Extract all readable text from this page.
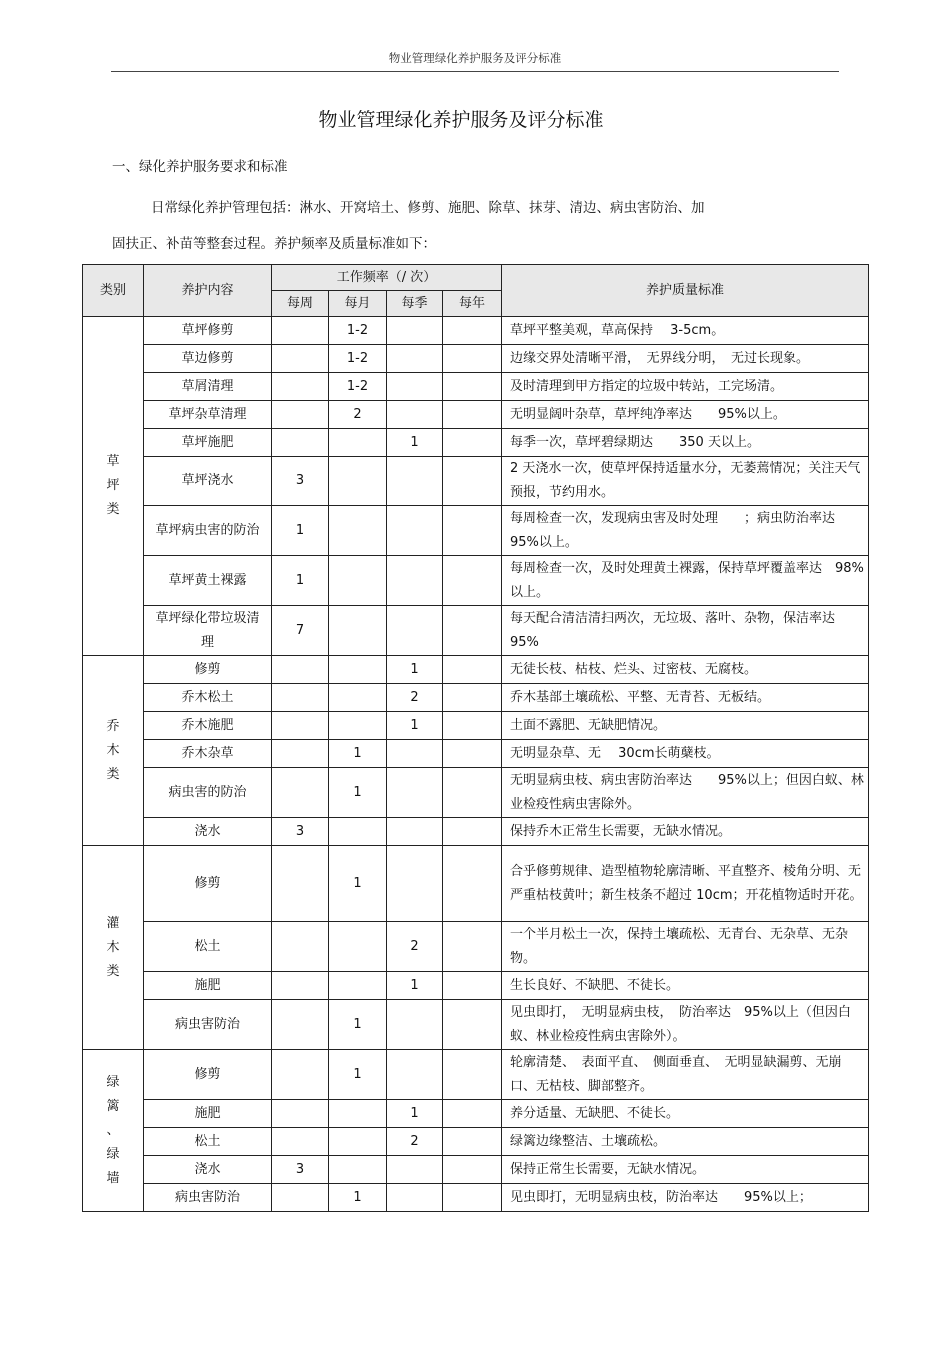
物业管理绿化养护服务及评分标准
物业管理绿化养护服务及评分标准
一、绿化养护服务要求和标准
日常绿化养护管理包括：淋水、开窝培土、修剪、施肥、除草、抹芽、清边、病虫害防治、加
固扶正、补苗等整套过程。养护频率及质量标准如下：
类别	养护内容	工作频率（/ 次）				养护质量标准
		每周	每月	每季	每年	
草
坪
类	草坪修剪		1-2			草坪平整美观，草高保持　 3-5cm。
	草边修剪		1-2			边缘交界处清晰平滑，　无界线分明，　无过长现象。
	草屑清理		1-2			及时清理到甲方指定的垃圾中转站，工完场清。
	草坪杂草清理		2			无明显阔叶杂草，草坪纯净率达　　95%以上。
	草坪施肥			1		每季一次，草坪碧绿期达　　350 天以上。
	草坪浇水	3				2 天浇水一次，使草坪保持适量水分，无萎蔫情况；关注天气预报，节约用水。
	草坪病虫害的防治	1				每周检查一次，发现病虫害及时处理　　；病虫防治率达　95%以上。
	草坪黄土裸露	1				每周检查一次，及时处理黄土裸露，保持草坪覆盖率达　98%以上。
	草坪绿化带垃圾清理	7				每天配合清洁清扫两次，无垃圾、落叶、杂物，保洁率达　95%
乔
木
类	修剪			1		无徒长枝、枯枝、烂头、过密枝、无腐枝。
	乔木松土			2		乔木基部土壤疏松、平整、无青苔、无板结。
	乔木施肥			1		土面不露肥、无缺肥情况。
	乔木杂草		1			无明显杂草、无　 30cm长萌蘖枝。
	病虫害的防治		1			无明显病虫枝、病虫害防治率达　　95%以上；但因白蚁、林业检疫性病虫害除外。
	浇水	3				保持乔木正常生长需要，无缺水情况。
灌
木
类	修剪		1			合乎修剪规律、造型植物轮廓清晰、平直整齐、棱角分明、无严重枯枝黄叶；新生枝条不超过 10cm；开花植物适时开花。
	松土			2		一个半月松土一次，保持土壤疏松、无青台、无杂草、无杂物。
	施肥			1		生长良好、不缺肥、不徒长。
	病虫害防治		1			见虫即打，　无明显病虫枝，　防治率达　95%以上（但因白蚁、林业检疫性病虫害除外）。
绿
篱
、
绿
墙	修剪		1			轮廓清楚、　表面平直、　侧面垂直、　无明显缺漏剪、无崩口、无枯枝、脚部整齐。
	施肥			1		养分适量、无缺肥、不徒长。
	松土			2		绿篱边缘整洁、土壤疏松。
	浇水	3				保持正常生长需要，无缺水情况。
	病虫害防治		1			见虫即打，无明显病虫枝，防治率达　　95%以上；
